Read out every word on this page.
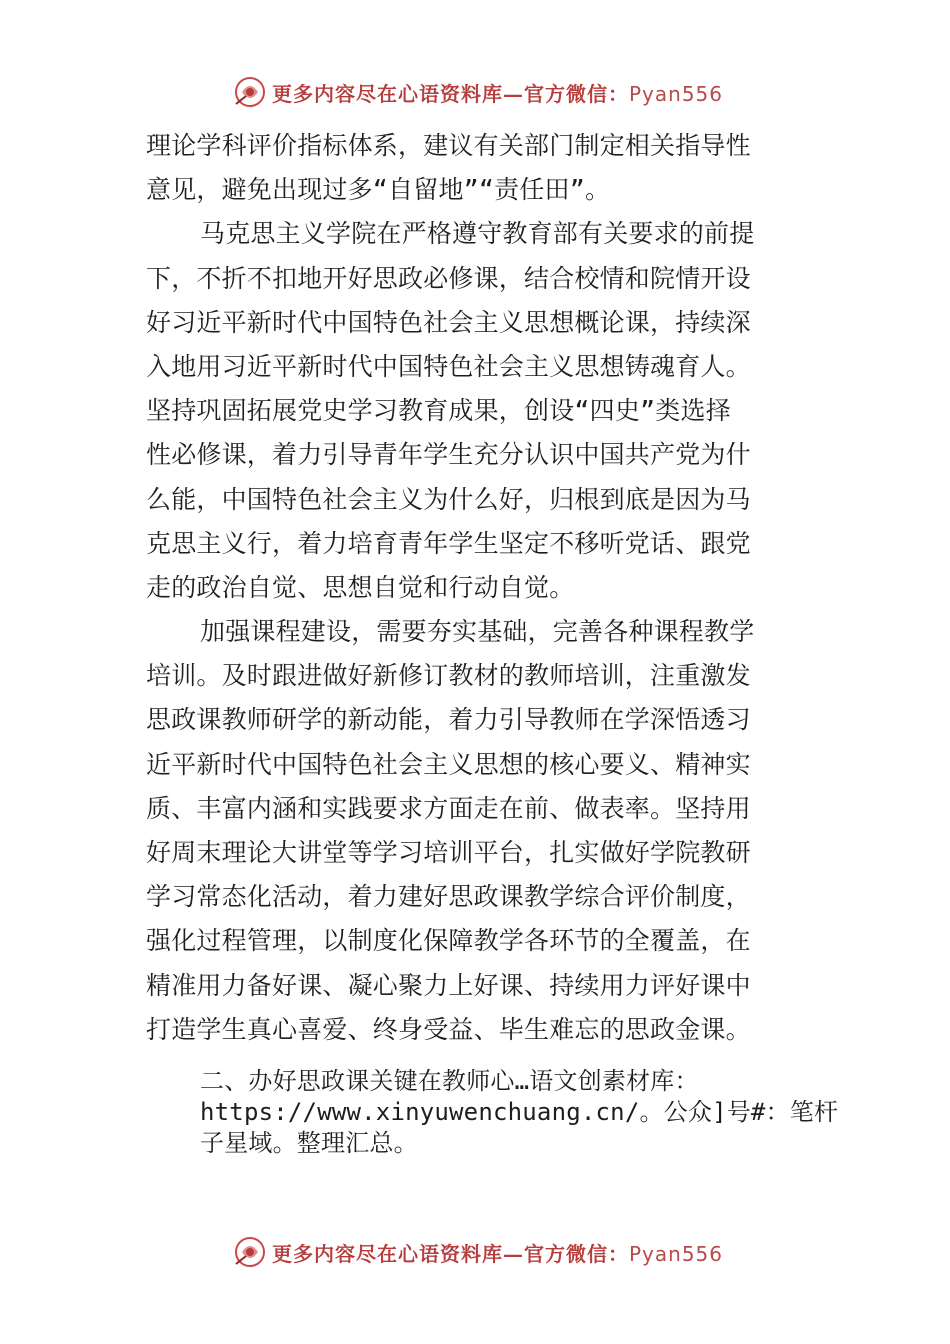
更多内容尽在心语资料库—官方微信：Pyan556
理论学科评价指标体系，建议有关部门制定相关指导性
意见，避免出现过多“自留地”“责任田”。
马克思主义学院在严格遵守教育部有关要求的前提
下，不折不扣地开好思政必修课，结合校情和院情开设
好习近平新时代中国特色社会主义思想概论课，持续深
入地用习近平新时代中国特色社会主义思想铸魂育人。
坚持巩固拓展党史学习教育成果，创设“四史”类选择
性必修课，着力引导青年学生充分认识中国共产党为什
么能，中国特色社会主义为什么好，归根到底是因为马
克思主义行，着力培育青年学生坚定不移听党话、跟党
走的政治自觉、思想自觉和行动自觉。
加强课程建设，需要夯实基础，完善各种课程教学
培训。及时跟进做好新修订教材的教师培训，注重激发
思政课教师研学的新动能，着力引导教师在学深悟透习
近平新时代中国特色社会主义思想的核心要义、精神实
质、丰富内涵和实践要求方面走在前、做表率。坚持用
好周末理论大讲堂等学习培训平台，扎实做好学院教研
学习常态化活动，着力建好思政课教学综合评价制度，
强化过程管理，以制度化保障教学各环节的全覆盖，在
精准用力备好课、凝心聚力上好课、持续用力评好课中
打造学生真心喜爱、终身受益、毕生难忘的思政金课。
二、办好思政课关键在教师心…语文创素材库：
https://www.xinyuwenchuang.cn/。公众]号#：笔杆
子星域。整理汇总。
更多内容尽在心语资料库—官方微信：Pyan556
